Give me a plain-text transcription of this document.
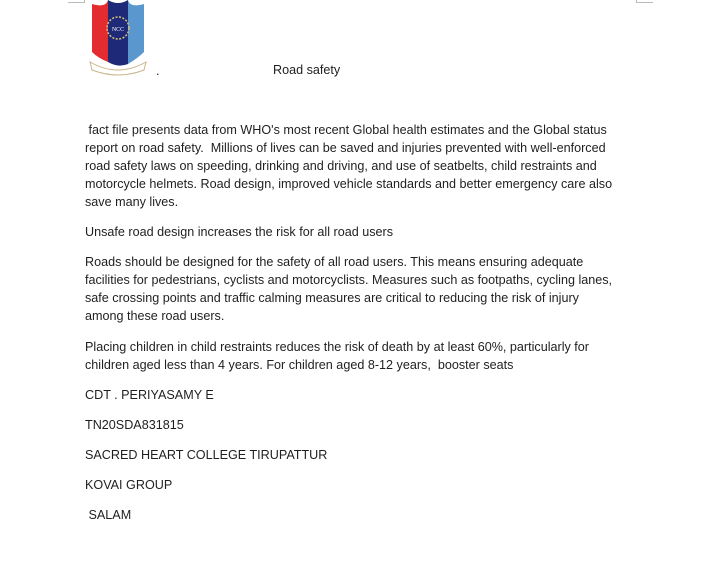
NCC
.	Road safety
fact file presents data from WHO's most recent Global health estimates and the Global status
report on road safety.  Millions of lives can be saved and injuries prevented with well-enforced
road safety laws on speeding, drinking and driving, and use of seatbelts, child restraints and
motorcycle helmets. Road design, improved vehicle standards and better emergency care also
save many lives.
Unsafe road design increases the risk for all road users
Roads should be designed for the safety of all road users. This means ensuring adequate
facilities for pedestrians, cyclists and motorcyclists. Measures such as footpaths, cycling lanes,
safe crossing points and traffic calming measures are critical to reducing the risk of injury
among these road users.
Placing children in child restraints reduces the risk of death by at least 60%, particularly for
children aged less than 4 years. For children aged 8-12 years,  booster seats
CDT . PERIYASAMY E
TN20SDA831815
SACRED HEART COLLEGE TIRUPATTUR
KOVAI GROUP
SALAM
